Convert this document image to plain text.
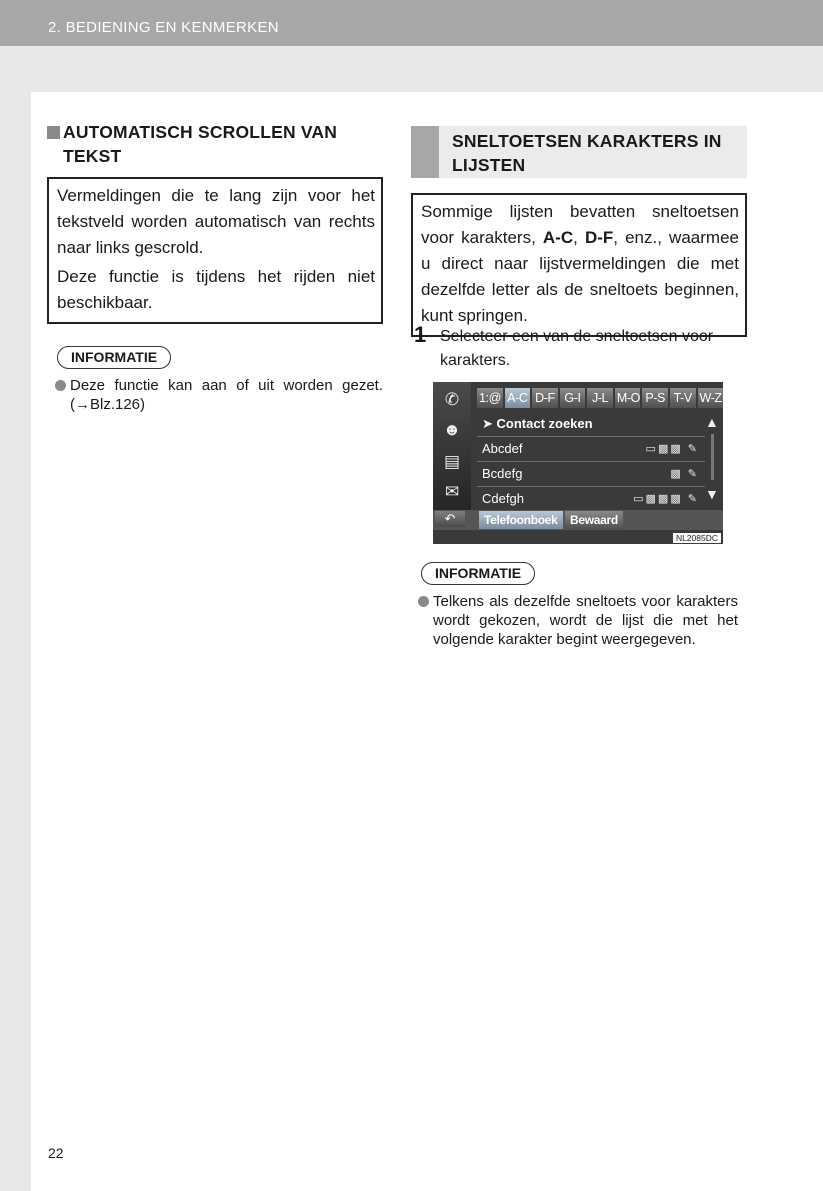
2. BEDIENING EN KENMERKEN
AUTOMATISCH SCROLLEN VAN TEKST

Vermeldingen die te lang zijn voor het tekstveld worden automatisch van rechts naar links gescrold.

Deze functie is tijdens het rijden niet beschikbaar.

INFORMATIE
Deze functie kan aan of uit worden gezet. (→Blz.126)
SNELTOETSEN KARAKTERS IN LIJSTEN

Sommige lijsten bevatten sneltoetsen voor karakters, A-C, D-F, enz., waarmee u direct naar lijstvermeldingen die met dezelfde letter als de sneltoets beginnen, kunt springen.

1 Selecteer een van de sneltoetsen voor karakters.
✆
☻
▤
✉
1:@ A-C D-F G-I J-L M-O P-S T-V W-Z
➤ Contact zoeken
Abcdef	▭▩▩ ✎
Bcdefg	▩ ✎
Cdefgh	▭▩▩▩ ✎
▲
▼
↶	Telefoonboek	Bewaard
NL2085DC
INFORMATIE
Telkens als dezelfde sneltoets voor karakters wordt gekozen, wordt de lijst die met het volgende karakter begint weergegeven.
22
